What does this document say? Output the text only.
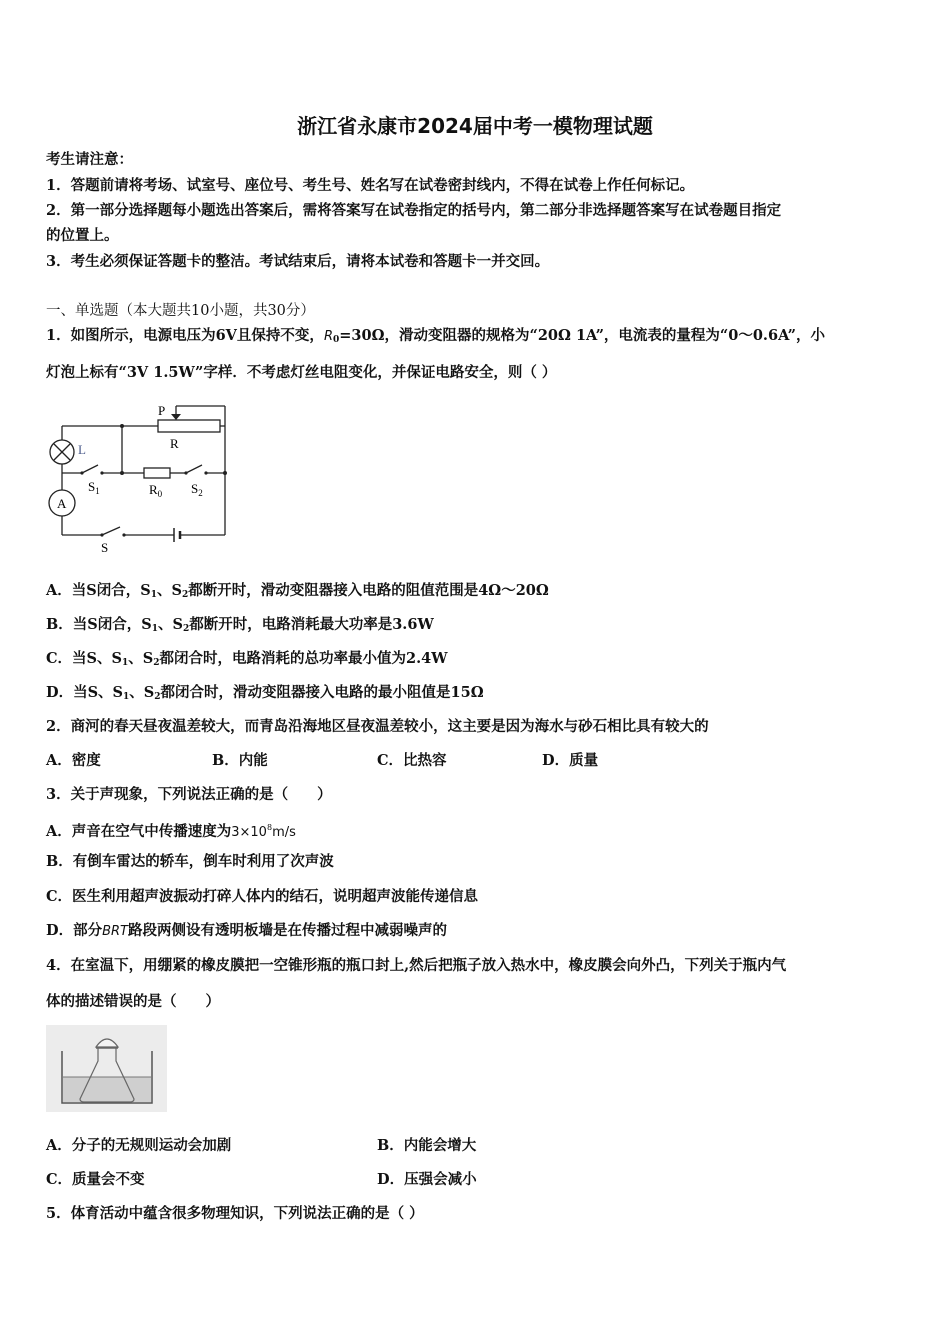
浙江省永康市2024届中考一模物理试题
考生请注意：
1．答题前请将考场、试室号、座位号、考生号、姓名写在试卷密封线内，不得在试卷上作任何标记。
2．第一部分选择题每小题选出答案后，需将答案写在试卷指定的括号内，第二部分非选择题答案写在试卷题目指定
的位置上。
3．考生必须保证答题卡的整洁。考试结束后，请将本试卷和答题卡一并交回。
一、单选题（本大题共10小题，共30分）
1．如图所示，电源电压为6V且保持不变，$R_0=30\Omega$，滑动变阻器的规格为“20Ω 1A”，电流表的量程为“0～0.6A”，小
灯泡上标有“3V 1.5W”字样．不考虑灯丝电阻变化，并保证电路安全，则（ ）
P
R
L
A
$S_1$	$R_0$ $S_2$
S
A．当S闭合，$S_1$、$S_2$都断开时，滑动变阻器接入电路的阻值范围是4Ω～20Ω
B．当S闭合，$S_1$、$S_2$都断开时，电路消耗最大功率是3.6W
C．当S、$S_1$、$S_2$都闭合时，电路消耗的总功率最小值为2.4W
D．当S、$S_1$、$S_2$都闭合时，滑动变阻器接入电路的最小阻值是15Ω
2．商河的春天昼夜温差较大，而青岛沿海地区昼夜温差较小，这主要是因为海水与砂石相比具有较大的
A．密度	B．内能	C．比热容	D．质量
3．关于声现象，下列说法正确的是（　　）
A．声音在空气中传播速度为$3\times 10^8m/s$
B．有倒车雷达的轿车，倒车时利用了次声波
C．医生利用超声波振动打碎人体内的结石，说明超声波能传递信息
D．部分BRT路段两侧设有透明板墙是在传播过程中减弱噪声的
4．在室温下，用绷紧的橡皮膜把一空锥形瓶的瓶口封上,然后把瓶子放入热水中，橡皮膜会向外凸，下列关于瓶内气
体的描述错误的是（　　）
A．分子的无规则运动会加剧	B．内能会增大
C．质量会不变	D．压强会减小
5．体育活动中蕴含很多物理知识，下列说法正确的是（ ）
